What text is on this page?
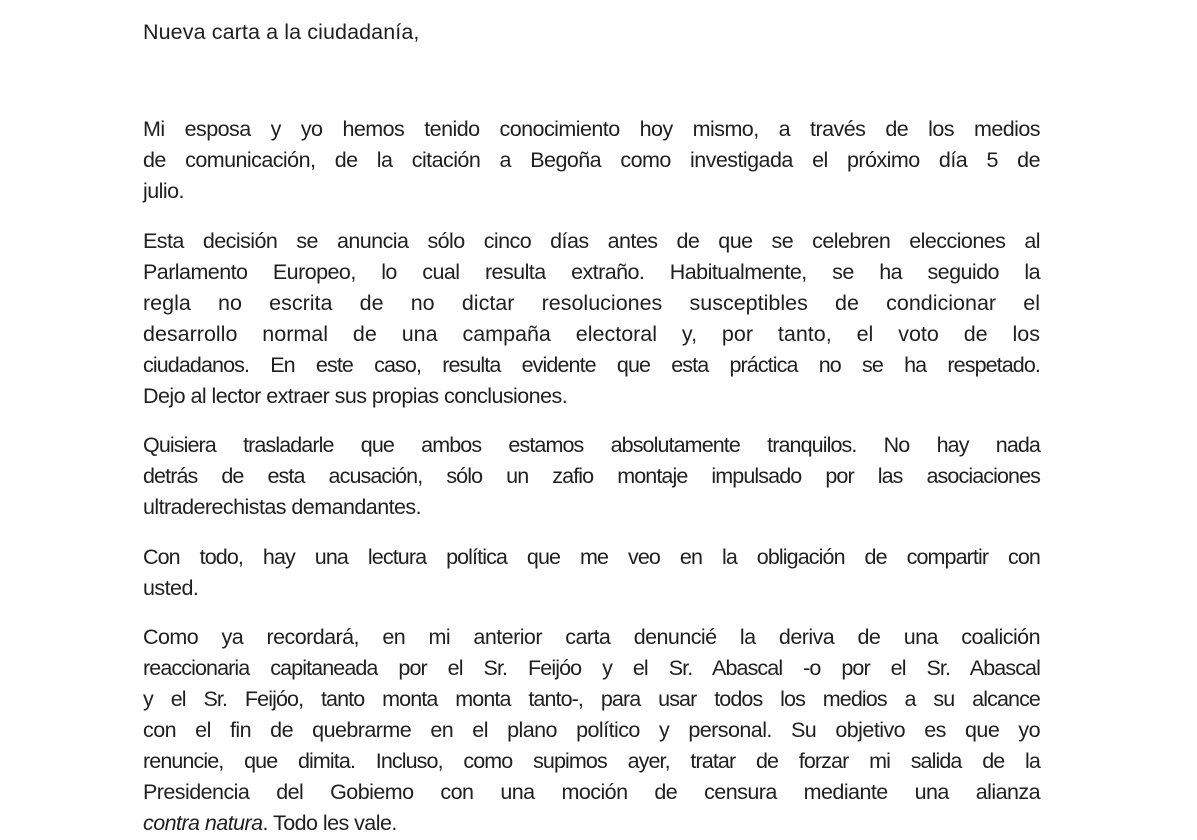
Nueva carta a la ciudadanía,
Mi esposa y yo hemos tenido conocimiento hoy mismo, a través de los medios
de comunicación, de la citación a Begoña como investigada el próximo día 5 de
julio.
Esta decisión se anuncia sólo cinco días antes de que se celebren elecciones al
Parlamento Europeo, lo cual resulta extraño. Habitualmente, se ha seguido la
regla no escrita de no dictar resoluciones susceptibles de condicionar el
desarrollo normal de una campaña electoral y, por tanto, el voto de los
ciudadanos. En este caso, resulta evidente que esta práctica no se ha respetado.
Dejo al lector extraer sus propias conclusiones.
Quisiera trasladarle que ambos estamos absolutamente tranquilos. No hay nada
detrás de esta acusación, sólo un zafio montaje impulsado por las asociaciones
ultraderechistas demandantes.
Con todo, hay una lectura política que me veo en la obligación de compartir con
usted.
Como ya recordará, en mi anterior carta denuncié la deriva de una coalición
reaccionaria capitaneada por el Sr. Feijóo y el Sr. Abascal -o por el Sr. Abascal
y el Sr. Feijóo, tanto monta monta tanto-, para usar todos los medios a su alcance
con el fin de quebrarme en el plano político y personal. Su objetivo es que yo
renuncie, que dimita. Incluso, como supimos ayer, tratar de forzar mi salida de la
Presidencia del Gobiemo con una moción de censura mediante una alianza
contra natura. Todo les vale.
